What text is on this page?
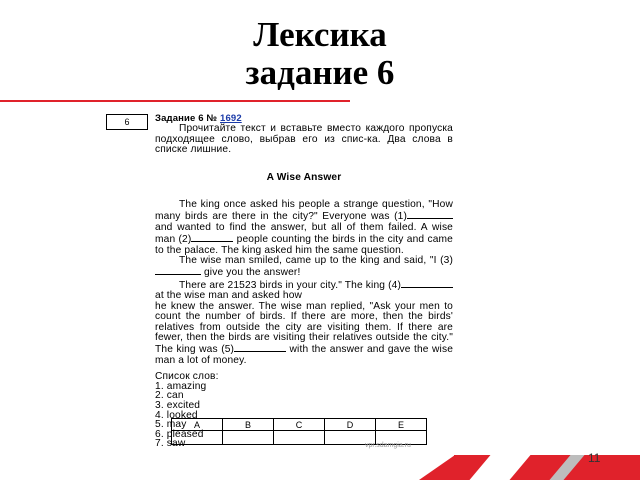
Лексика
задание 6
6	Задание 6 № 1692

Прочитайте текст и вставьте вместо каждого пропуска подходящее слово, выбрав его из спис-ка. Два слова в списке лишние.

A Wise Answer

The king once asked his people a strange question, "How many birds are there in the city?" Everyone was (1) and wanted to find the answer, but all of them failed. A wise man (2)	people counting the birds in the city and came to the palace. The king asked him the same question.

The wise man smiled, came up to the king and said, "I (3) give you the answer!

There are 21523 birds in your city." The king (4) at the wise man and asked how

he knew the answer. The wise man replied, "Ask your men to count the number of birds. If there are more, then the birds' relatives from outside the city are visiting them. If there are fewer, then the birds are visiting their relatives outside the city." The king was (5)	with the answer and gave the wise man a lot of money.

Список слов:
1. amazing
2. can
3. excited
4. looked
5. may
6. pleased
7. saw
A	B	C	D	E

vpr.sdamgia.ru
11
